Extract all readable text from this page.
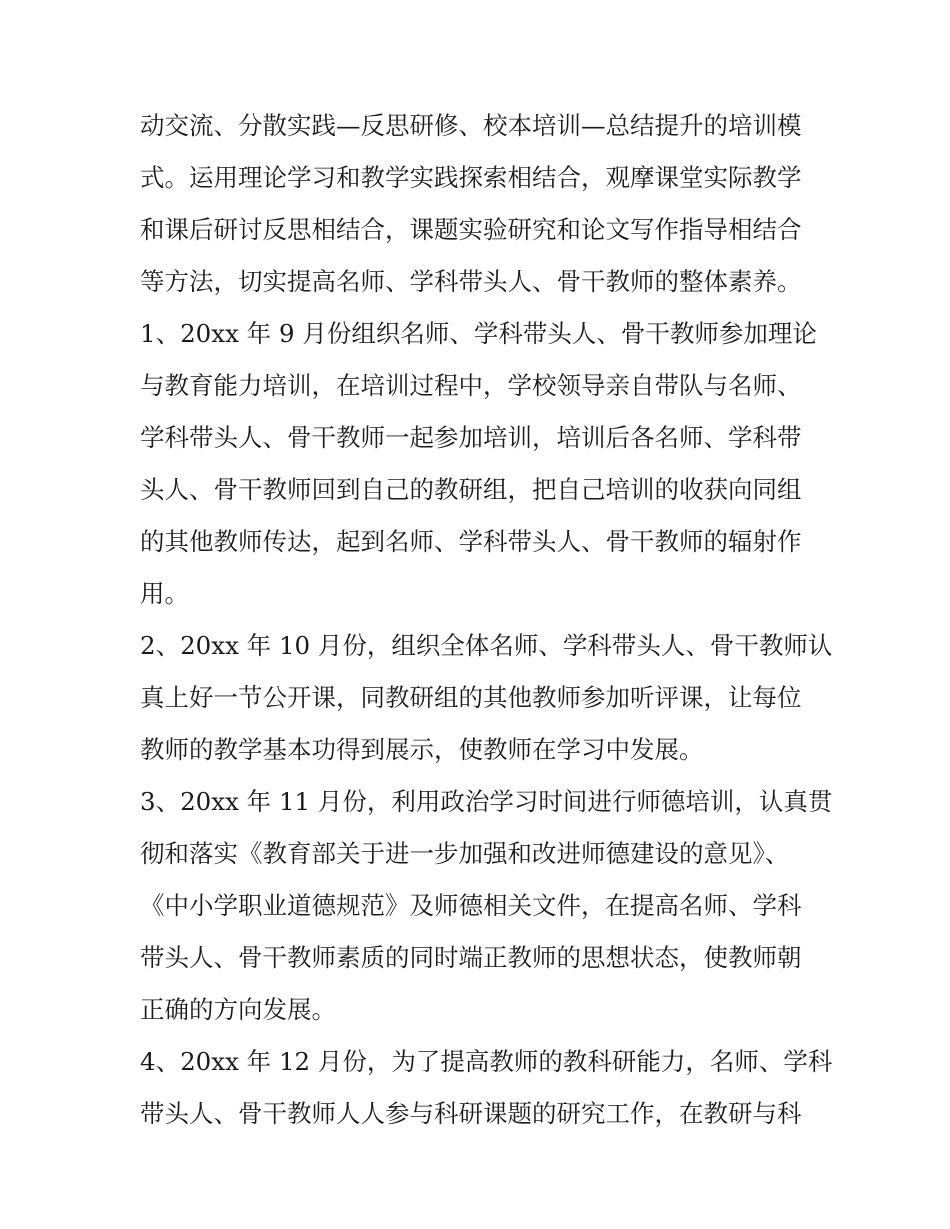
动交流、分散实践—反思研修、校本培训—总结提升的培训模
式。运用理论学习和教学实践探索相结合，观摩课堂实际教学
和课后研讨反思相结合，课题实验研究和论文写作指导相结合
等方法，切实提高名师、学科带头人、骨干教师的整体素养。
1、20xx 年 9 月份组织名师、学科带头人、骨干教师参加理论
与教育能力培训，在培训过程中，学校领导亲自带队与名师、
学科带头人、骨干教师一起参加培训，培训后各名师、学科带
头人、骨干教师回到自己的教研组，把自己培训的收获向同组
的其他教师传达，起到名师、学科带头人、骨干教师的辐射作
用。
2、20xx 年 10 月份，组织全体名师、学科带头人、骨干教师认
真上好一节公开课，同教研组的其他教师参加听评课，让每位
教师的教学基本功得到展示，使教师在学习中发展。
3、20xx 年 11 月份，利用政治学习时间进行师德培训，认真贯
彻和落实《教育部关于进一步加强和改进师德建设的意见》、
《中小学职业道德规范》及师德相关文件，在提高名师、学科
带头人、骨干教师素质的同时端正教师的思想状态，使教师朝
正确的方向发展。
4、20xx 年 12 月份，为了提高教师的教科研能力，名师、学科
带头人、骨干教师人人参与科研课题的研究工作，在教研与科
